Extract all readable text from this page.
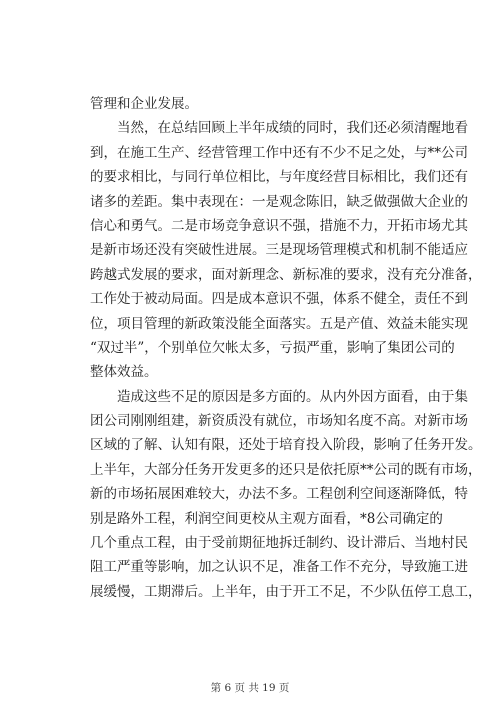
管理和企业发展。
当然，在总结回顾上半年成绩的同时，我们还必须清醒地看
到，在施工生产、经营管理工作中还有不少不足之处，与**公司
的要求相比，与同行单位相比，与年度经营目标相比，我们还有
诸多的差距。集中表现在：一是观念陈旧，缺乏做强做大企业的
信心和勇气。二是市场竞争意识不强，措施不力，开拓市场尤其
是新市场还没有突破性进展。三是现场管理模式和机制不能适应
跨越式发展的要求，面对新理念、新标准的要求，没有充分准备，
工作处于被动局面。四是成本意识不强，体系不健全，责任不到
位，项目管理的新政策没能全面落实。五是产值、效益未能实现
“双过半”，个别单位欠帐太多，亏损严重，影响了集团公司的
整体效益。
造成这些不足的原因是多方面的。从内外因方面看，由于集
团公司刚刚组建，新资质没有就位，市场知名度不高。对新市场
区域的了解、认知有限，还处于培育投入阶段，影响了任务开发。
上半年，大部分任务开发更多的还只是依托原**公司的既有市场，
新的市场拓展困难较大，办法不多。工程创利空间逐渐降低，特
别是路外工程，利润空间更校从主观方面看，*8公司确定的
几个重点工程，由于受前期征地拆迁制约、设计滞后、当地村民
阻工严重等影响，加之认识不足，准备工作不充分，导致施工进
展缓慢，工期滞后。上半年，由于开工不足，不少队伍停工息工，
第 6 页 共 19 页
